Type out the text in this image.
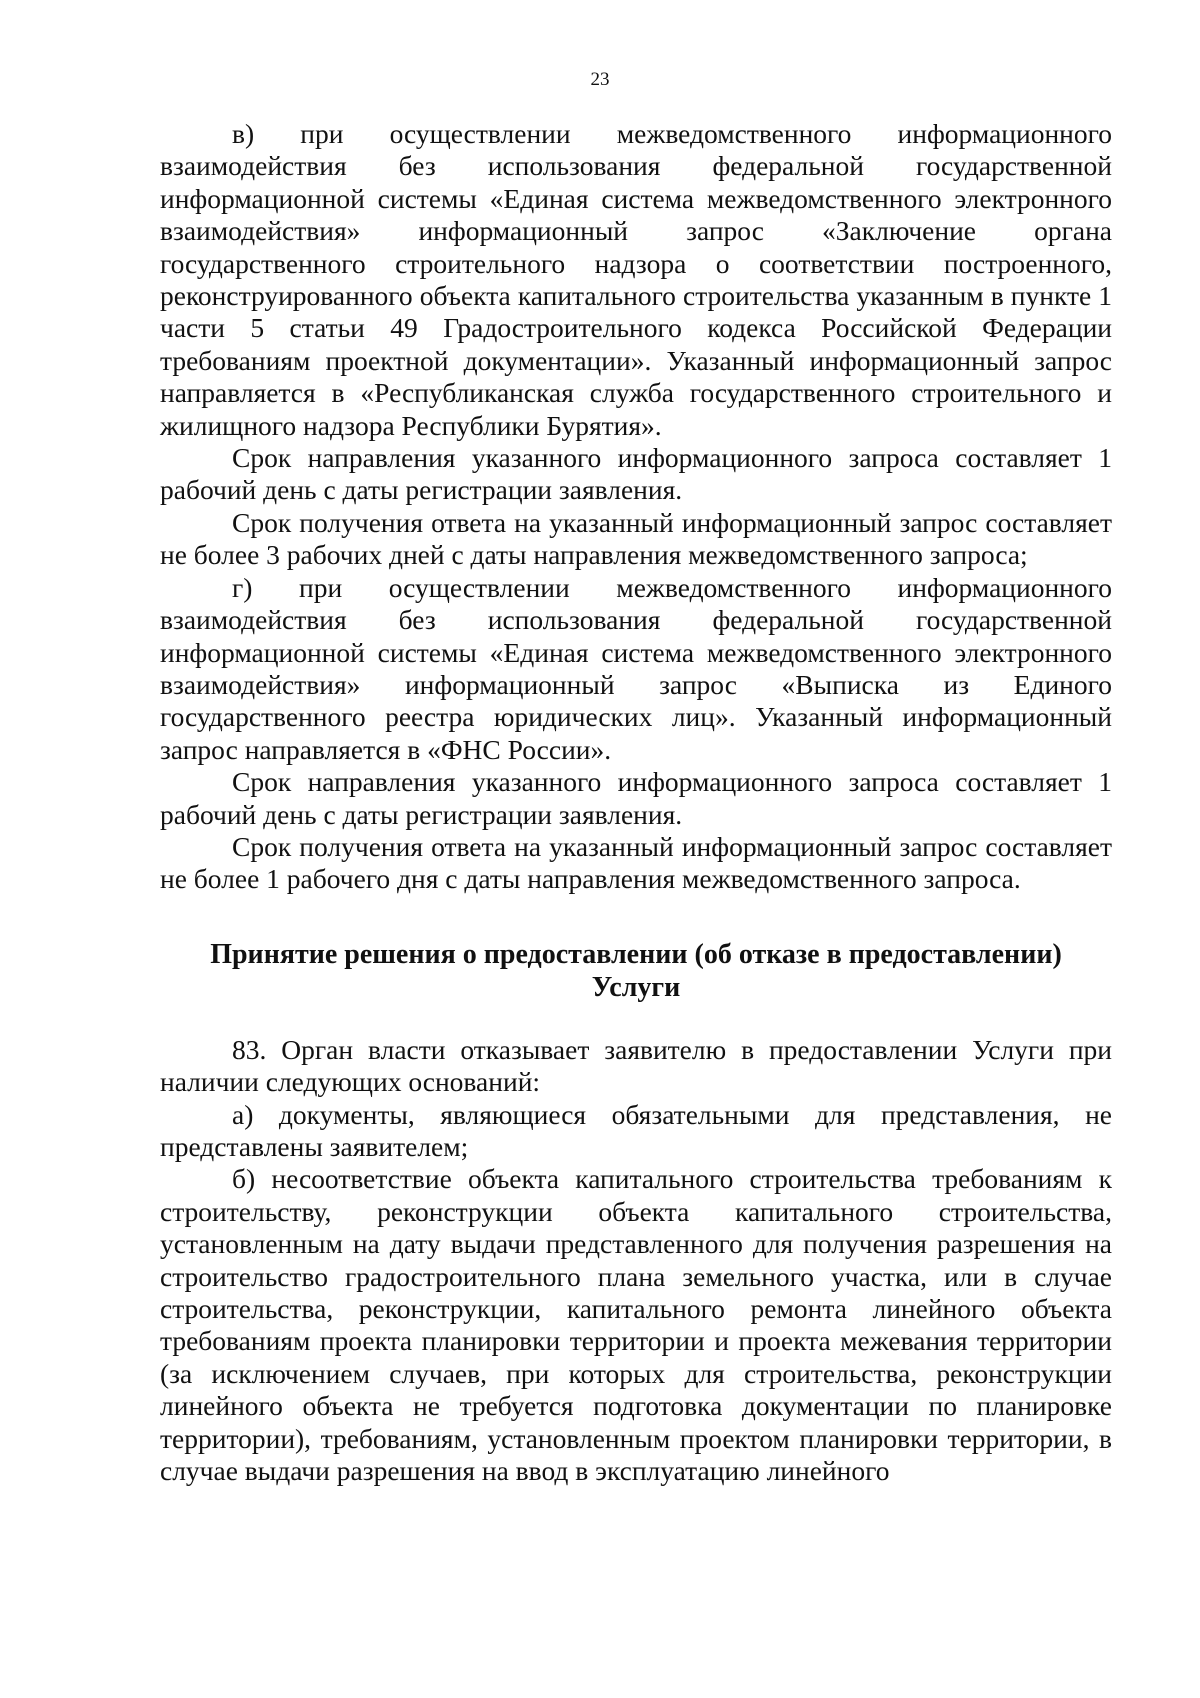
23

в) при осуществлении межведомственного информационного взаимодействия без использования федеральной государственной информационной системы «Единая система межведомственного электронного взаимодействия» информационный запрос «Заключение органа государственного строительного надзора о соответствии построенного, реконструированного объекта капитального строительства указанным в пункте 1 части 5 статьи 49 Градостроительного кодекса Российской Федерации требованиям проектной документации». Указанный информационный запрос направляется в «Республиканская служба государственного строительного и жилищного надзора Республики Бурятия».

Срок направления указанного информационного запроса составляет 1 рабочий день с даты регистрации заявления.

Срок получения ответа на указанный информационный запрос составляет не более 3 рабочих дней с даты направления межведомственного запроса;

г) при осуществлении межведомственного информационного взаимодействия без использования федеральной государственной информационной системы «Единая система межведомственного электронного взаимодействия» информационный запрос «Выписка из Единого государственного реестра юридических лиц». Указанный информационный запрос направляется в «ФНС России».

Срок направления указанного информационного запроса составляет 1 рабочий день с даты регистрации заявления.

Срок получения ответа на указанный информационный запрос составляет не более 1 рабочего дня с даты направления межведомственного запроса.

Принятие решения о предоставлении (об отказе в предоставлении)
Услуги

83. Орган власти отказывает заявителю в предоставлении Услуги при наличии следующих оснований:

а) документы, являющиеся обязательными для представления, не представлены заявителем;

б) несоответствие объекта капитального строительства требованиям к строительству, реконструкции объекта капитального строительства, установленным на дату выдачи представленного для получения разрешения на строительство градостроительного плана земельного участка, или в случае строительства, реконструкции, капитального ремонта линейного объекта требованиям проекта планировки территории и проекта межевания территории (за исключением случаев, при которых для строительства, реконструкции линейного объекта не требуется подготовка документации по планировке территории), требованиям, установленным проектом планировки территории, в случае выдачи разрешения на ввод в эксплуатацию линейного
